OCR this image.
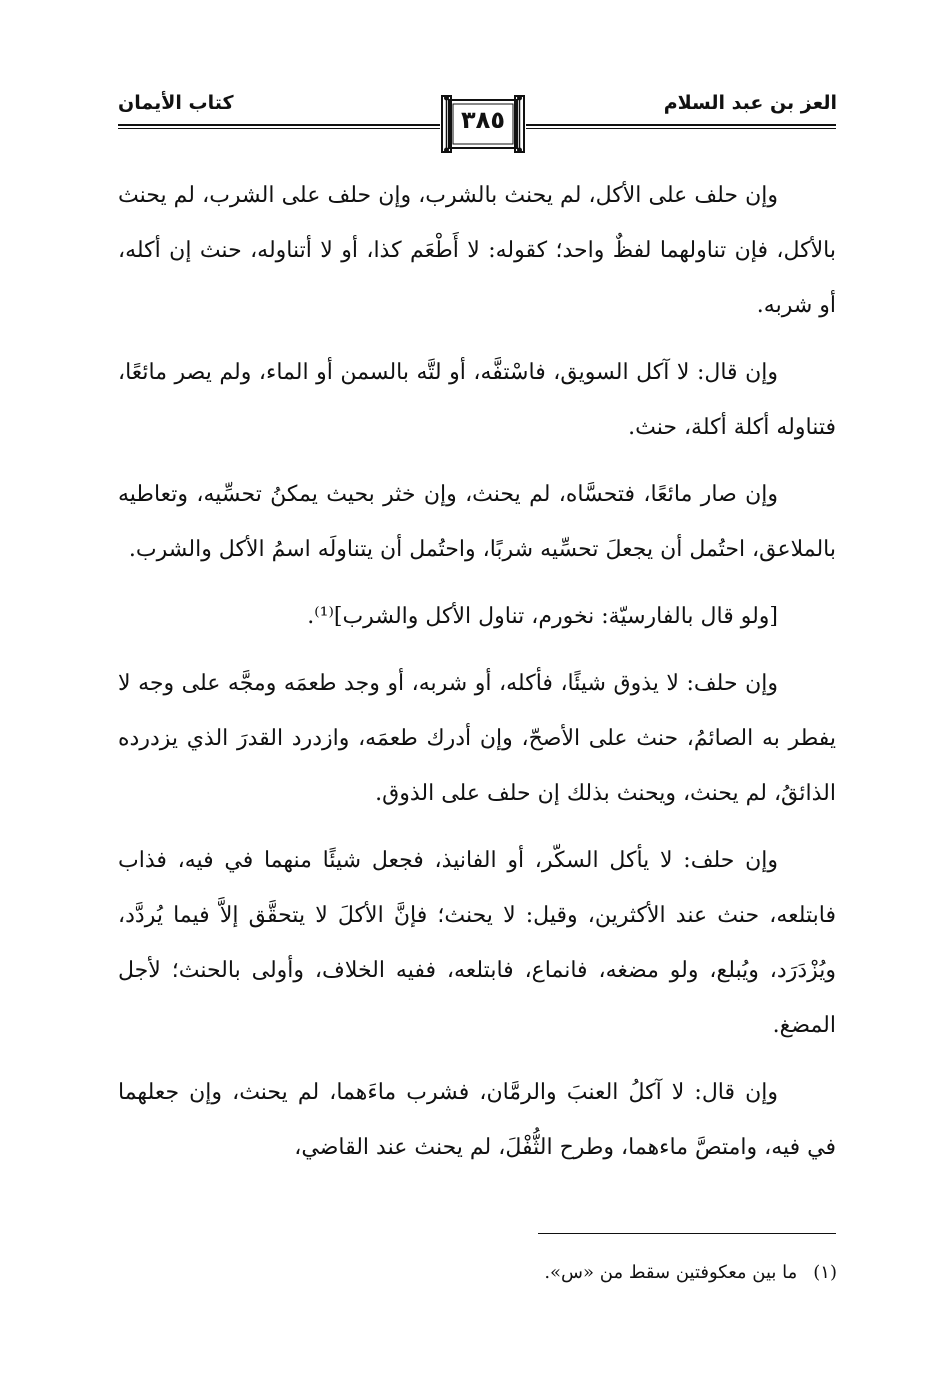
العز بن عبد السلام
كتاب الأيمان
٣٨٥

وإن حلف على الأكل، لم يحنث بالشرب، وإن حلف على الشرب، لم يحنث بالأكل، فإن تناولهما لفظٌ واحد؛ كقوله: لا أَطْعَم كذا، أو لا أتناوله، حنث إن أكله، أو شربه.

وإن قال: لا آكل السويق، فاسْتفَّه، أو لتَّه بالسمن أو الماء، ولم يصر مائعًا، فتناوله أكلة أكلة، حنث.

وإن صار مائعًا، فتحسَّاه، لم يحنث، وإن خثر بحيث يمكنُ تحسِّيه، وتعاطيه بالملاعق، احتُمل أن يجعلَ تحسِّيه شربًا، واحتُمل أن يتناولَه اسمُ الأكل والشرب.

[ولو قال بالفارسيّة: نخورم، تناول الأكل والشرب]⁽¹⁾.

وإن حلف: لا يذوق شيئًا، فأكله، أو شربه، أو وجد طعمَه ومجَّه على وجه لا يفطر به الصائمُ، حنث على الأصحّ، وإن أدرك طعمَه، وازدرد القدرَ الذي يزدرده الذائقُ، لم يحنث، ويحنث بذلك إن حلف على الذوق.

وإن حلف: لا يأكل السكّر، أو الفانيذ، فجعل شيئًا منهما في فيه، فذاب فابتلعه، حنث عند الأكثرين، وقيل: لا يحنث؛ فإنَّ الأكلَ لا يتحقَّق إلاَّ فيما يُردَّد، ويُزْدَرَد، ويُبلع، ولو مضغه، فانماع، فابتلعه، ففيه الخلاف، وأولى بالحنث؛ لأجل المضغ.

وإن قال: لا آكلُ العنبَ والرمَّان، فشرب ماءَهما، لم يحنث، وإن جعلهما في فيه، وامتصَّ ماءهما، وطرح الثُّفْلَ، لم يحنث عند القاضي،

(١)ما بين معكوفتين سقط من «س».
